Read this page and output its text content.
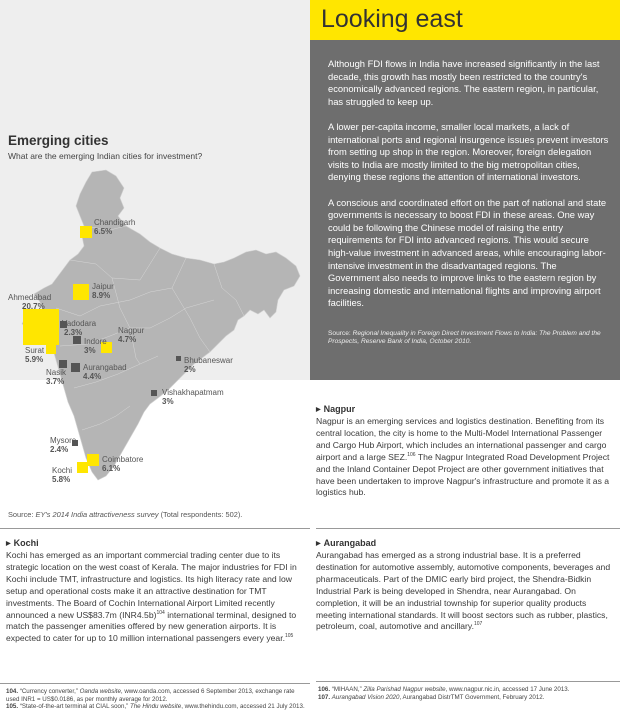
Looking east

Although FDI flows in India have increased significantly in the last decade, this growth has mostly been restricted to the country's economically advanced regions. The eastern region, in particular, has struggled to keep up.

A lower per-capita income, smaller local markets, a lack of international ports and regional insurgence issues prevent investors from setting up shop in the region. Moreover, foreign delegation visits to India are mostly limited to the big metropolitan cities, denying these regions the attention of international investors.

A conscious and coordinated effort on the part of national and state governments is necessary to boost FDI in these areas. One way could be following the Chinese model of raising the entry requirements for FDI into advanced regions. This would secure high-value investment in advanced areas, while encouraging labor-intensive investment in the disadvantaged regions. The Government also needs to improve links to the eastern region by increasing domestic and international flights and improving airport facilities.

Source: Regional Inequality in Foreign Direct Investment Flows to India: The Problem and the Prospects, Reserve Bank of India, October 2010.
Emerging cities
What are the emerging Indian cities for investment?
Chandigarh
6.5%
Jaipur
8.9%
Ahmedabad
20.7%
Vadodara
2.3%
Indore
3%
Nagpur
4.7%
Surat
5.9%
Nasik
3.7%
Aurangabad
4.4%
Bhubaneswar
2%
Vishakhapatmam
3%
Mysore
2.4%
Coimbatore
6.1%
Kochi
5.8%
Source: EY's 2014 India attractiveness survey (Total respondents: 502).
▶ Nagpur
Nagpur is an emerging services and logistics destination. Benefiting from its central location, the city is home to the Multi-Model International Passenger and Cargo Hub Airport, which includes an international passenger and cargo airport and a large SEZ.$^{106}$ The Nagpur Integrated Road Development Project and the Inland Container Depot Project are other government initiatives that have been undertaken to improve Nagpur's infrastructure and promote it as a logistics hub.
▶ Kochi
Kochi has emerged as an important commercial trading center due to its strategic location on the west coast of Kerala. The major industries for FDI in Kochi include TMT, infrastructure and logistics. Its high literacy rate and low setup and operational costs make it an attractive destination for TMT investments. The Board of Cochin International Airport Limited recently announced a new US$83.7m $(INR4.5b)^{104}$ international terminal, designed to match the passenger amenities offered by new generation airports. It is expected to cater for up to 10 million international passengers every year.$^{105}$
▶ Aurangabad
Aurangabad has emerged as a strong industrial base. It is a preferred destination for automotive assembly, automotive components, beverages and pharmaceuticals. Part of the DMIC early bird project, the Shendra-Bidkin Industrial Park is being developed in Shendra, near Aurangabad. On completion, it will be an industrial township for superior quality products meeting international standards. It will boost sectors such as rubber, plastics, petroleum, coal, automotive and ancillary.$^{107}$
104. “Currency converter,” Oanda website, www.oanda.com, accessed 6 September 2013, exchange rate used INR1 = US$0.0186, as per monthly average for 2012.
105. “State-of-the-art terminal at CIAL soon,” The Hindu website, www.thehindu.com, accessed 21 July 2013.
106. “MIHAAN,” Zilla Parishad Nagpur website, www.nagpur.nic.in, accessed 17 June 2013.
107. Aurangabad Vision 2020, Aurangabad DistrTMT Government, February 2012.
